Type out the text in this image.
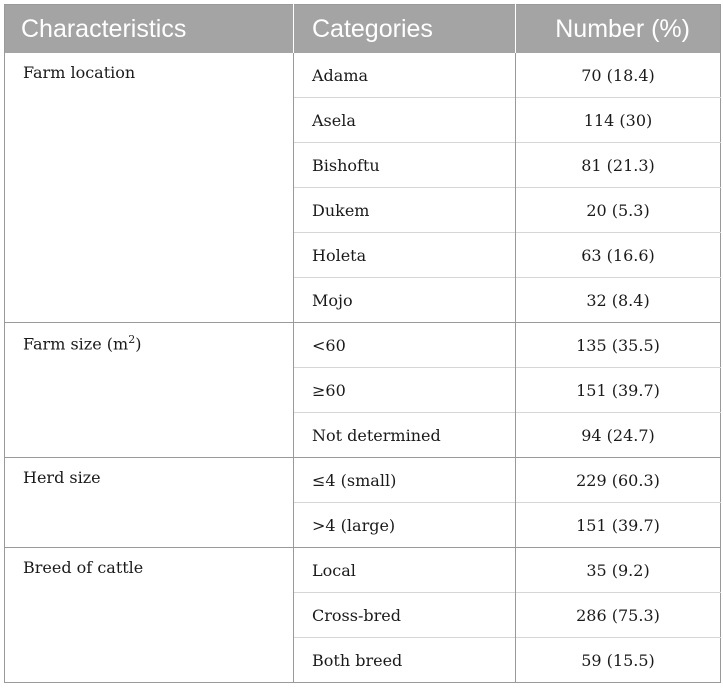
Characteristics	Categories	Number (%)
Farm location	Adama	70 (18.4)
	Asela	114 (30)
	Bishoftu	81 (21.3)
	Dukem	20 (5.3)
	Holeta	63 (16.6)
	Mojo	32 (8.4)
Farm size $(m^2)$	<60	135 (35.5)
	≥60	151 (39.7)
	Not determined	94 (24.7)
Herd size	≤4 (small)	229 (60.3)
	>4 (large)	151 (39.7)
Breed of cattle	Local	35 (9.2)
	Cross-bred	286 (75.3)
	Both breed	59 (15.5)
